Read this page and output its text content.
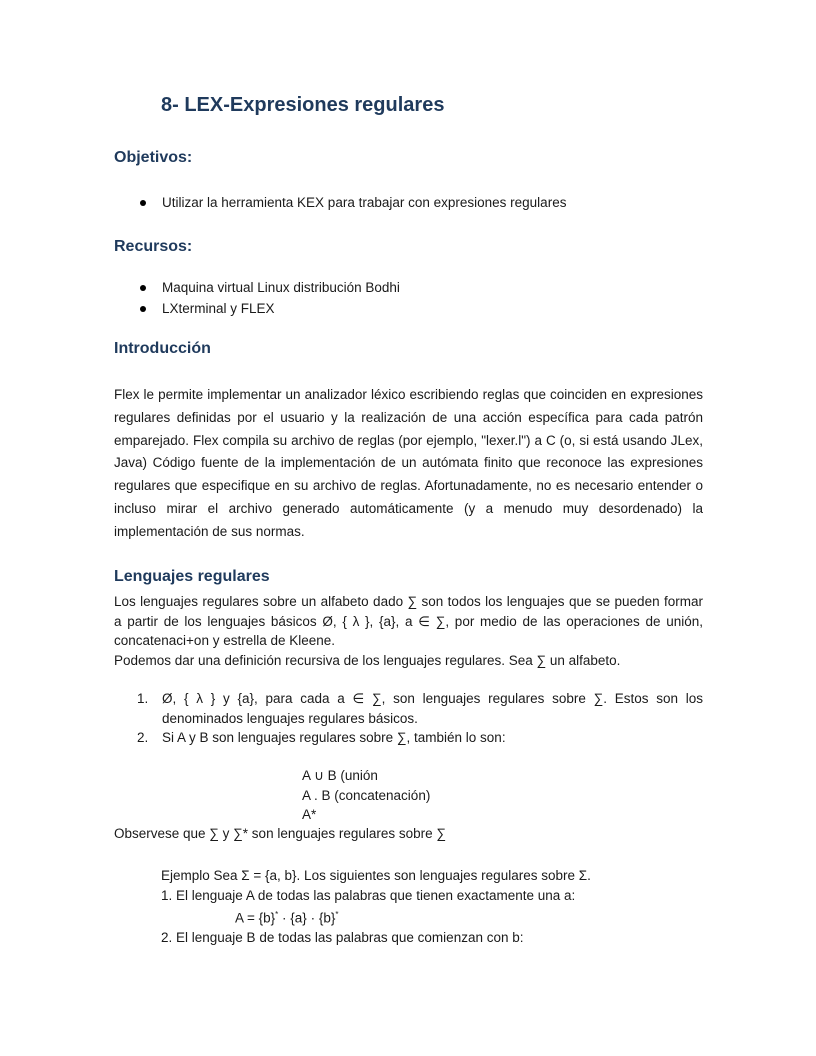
8- LEX-Expresiones regulares
Objetivos:
Utilizar la herramienta KEX para trabajar con expresiones regulares
Recursos:
Maquina virtual Linux distribución Bodhi
LXterminal y FLEX
Introducción

Flex le permite implementar un analizador léxico escribiendo reglas que coinciden en expresiones regulares definidas por el usuario y la realización de una acción específica para cada patrón emparejado. Flex compila su archivo de reglas (por ejemplo, "lexer.l") a C (o, si está usando JLex, Java) Código fuente de la implementación de un autómata finito que reconoce las expresiones regulares que especifique en su archivo de reglas. Afortunadamente, no es necesario entender o incluso mirar el archivo generado automáticamente (y a menudo muy desordenado) la implementación de sus normas.

Lenguajes regulares

Los lenguajes regulares sobre un alfabeto dado ∑ son todos los lenguajes que se pueden formar a partir de los lenguajes básicos Ø, { λ }, {a}, a ∈ ∑, por medio de las operaciones de unión, concatenaci+on y estrella de Kleene.

Podemos dar una definición recursiva de los lenguajes regulares. Sea ∑ un alfabeto.

1. Ø, { λ } y {a}, para cada a ∈ ∑, son lenguajes regulares sobre ∑. Estos son los denominados lenguajes regulares básicos.
2. Si A y B son lenguajes regulares sobre ∑, también lo son:
A ∪ B (unión
A . B (concatenación)
A*

Observese que ∑ y ∑* son lenguajes regulares sobre ∑

Ejemplo Sea Σ = {a, b}. Los siguientes son lenguajes regulares sobre Σ.
1. El lenguaje A de todas las palabras que tienen exactamente una a:
A = {b}* · {a} · {b}*
2. El lenguaje B de todas las palabras que comienzan con b:
